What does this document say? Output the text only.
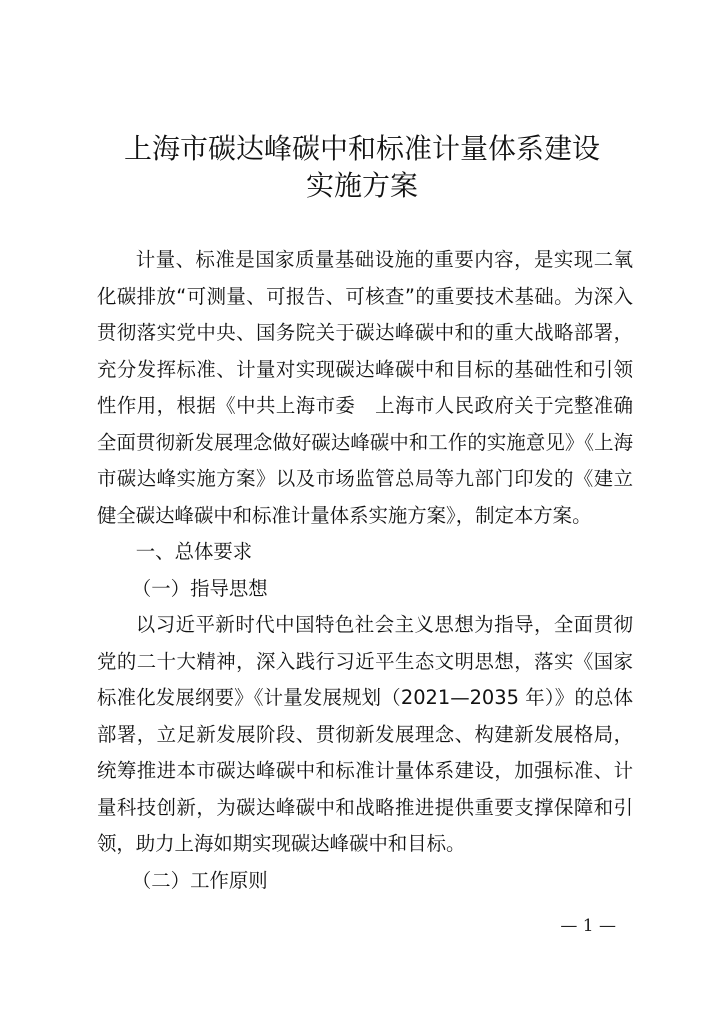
上海市碳达峰碳中和标准计量体系建设
实施方案

计量、标准是国家质量基础设施的重要内容，是实现二氧化碳排放“可测量、可报告、可核查”的重要技术基础。为深入贯彻落实党中央、国务院关于碳达峰碳中和的重大战略部署，充分发挥标准、计量对实现碳达峰碳中和目标的基础性和引领性作用，根据《中共上海市委　上海市人民政府关于完整准确全面贯彻新发展理念做好碳达峰碳中和工作的实施意见》《上海市碳达峰实施方案》以及市场监管总局等九部门印发的《建立健全碳达峰碳中和标准计量体系实施方案》，制定本方案。

一、总体要求

（一）指导思想

以习近平新时代中国特色社会主义思想为指导，全面贯彻党的二十大精神，深入践行习近平生态文明思想，落实《国家标准化发展纲要》《计量发展规划（2021—2035 年）》的总体部署，立足新发展阶段、贯彻新发展理念、构建新发展格局，统筹推进本市碳达峰碳中和标准计量体系建设，加强标准、计量科技创新，为碳达峰碳中和战略推进提供重要支撑保障和引领，助力上海如期实现碳达峰碳中和目标。

（二）工作原则

— 1 —
